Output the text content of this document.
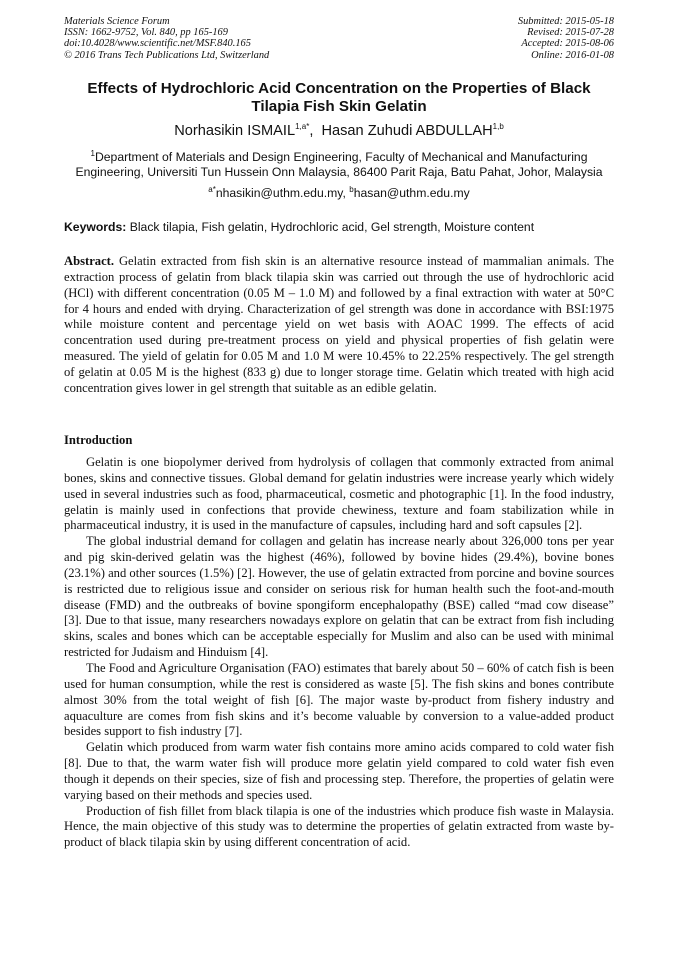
Materials Science Forum
ISSN: 1662-9752, Vol. 840, pp 165-169
doi:10.4028/www.scientific.net/MSF.840.165
© 2016 Trans Tech Publications Ltd, Switzerland
Submitted: 2015-05-18
Revised: 2015-07-28
Accepted: 2015-08-06
Online: 2016-01-08
Effects of Hydrochloric Acid Concentration on the Properties of Black
Tilapia Fish Skin Gelatin
Norhasikin $ISMAIL^{1,a*}$,  Hasan Zuhudi ABDULLAH$^{1,b}$
$^1$Department of Materials and Design Engineering, Faculty of Mechanical and Manufacturing
Engineering, Universiti Tun Hussein Onn Malaysia, 86400 Parit Raja, Batu Pahat, Johor, Malaysia
$^{a*}$nhasikin@uthm.edu.my, $^b$hasan@uthm.edu.my
Keywords: Black tilapia, Fish gelatin, Hydrochloric acid, Gel strength, Moisture content

Abstract. Gelatin extracted from fish skin is an alternative resource instead of mammalian animals. The extraction process of gelatin from black tilapia skin was carried out through the use of hydrochloric acid (HCl) with different concentration (0.05 M – 1.0 M) and followed by a final extraction with water at 50°C for 4 hours and ended with drying. Characterization of gel strength was done in accordance with BSI:1975 while moisture content and percentage yield on wet basis with AOAC 1999. The effects of acid concentration used during pre-treatment process on yield and physical properties of fish gelatin were measured. The yield of gelatin for 0.05 M and 1.0 M were 10.45% to 22.25% respectively. The gel strength of gelatin at 0.05 M is the highest (833 g) due to longer storage time. Gelatin which treated with high acid concentration gives lower in gel strength that suitable as an edible gelatin.

Introduction

Gelatin is one biopolymer derived from hydrolysis of collagen that commonly extracted from animal bones, skins and connective tissues. Global demand for gelatin industries were increase yearly which widely used in several industries such as food, pharmaceutical, cosmetic and photographic [1]. In the food industry, gelatin is mainly used in confections that provide chewiness, texture and foam stabilization while in pharmaceutical industry, it is used in the manufacture of capsules, including hard and soft capsules [2].

The global industrial demand for collagen and gelatin has increase nearly about 326,000 tons per year and pig skin-derived gelatin was the highest (46%), followed by bovine hides (29.4%), bovine bones (23.1%) and other sources (1.5%) [2]. However, the use of gelatin extracted from porcine and bovine sources is restricted due to religious issue and consider on serious risk for human health such the foot-and-mouth disease (FMD) and the outbreaks of bovine spongiform encephalopathy (BSE) called “mad cow disease” [3]. Due to that issue, many researchers nowadays explore on gelatin that can be extract from fish including skins, scales and bones which can be acceptable especially for Muslim and also can be used with minimal restricted for Judaism and Hinduism [4].

The Food and Agriculture Organisation (FAO) estimates that barely about 50 – 60% of catch fish is been used for human consumption, while the rest is considered as waste [5]. The fish skins and bones contribute almost 30% from the total weight of fish [6]. The major waste by-product from fishery industry and aquaculture are comes from fish skins and it’s become valuable by conversion to a value-added product besides support to fish industry [7].

Gelatin which produced from warm water fish contains more amino acids compared to cold water fish [8]. Due to that, the warm water fish will produce more gelatin yield compared to cold water fish even though it depends on their species, size of fish and processing step. Therefore, the properties of gelatin were varying based on their methods and species used.

Production of fish fillet from black tilapia is one of the industries which produce fish waste in Malaysia. Hence, the main objective of this study was to determine the properties of gelatin extracted from waste by-product of black tilapia skin by using different concentration of acid.
